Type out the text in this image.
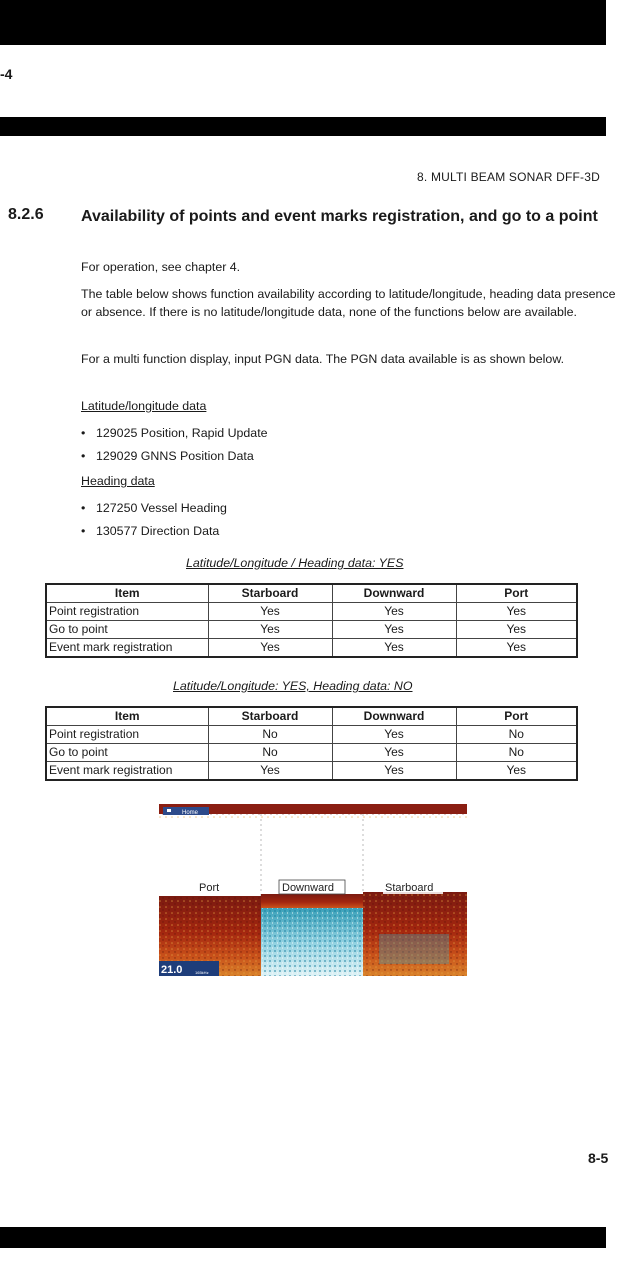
-4
8. MULTI BEAM SONAR DFF-3D
8.2.6 Availability of points and event marks registration, and go to a point
For operation, see chapter 4.
The table below shows function availability according to latitude/longitude, heading data presence or absence. If there is no latitude/longitude data, none of the functions below are available.
For a multi function display, input PGN data. The PGN data available is as shown below.
Latitude/longitude data
• 129025 Position, Rapid Update
• 129029 GNNS Position Data
Heading data
• 127250 Vessel Heading
• 130577 Direction Data
Latitude/Longitude / Heading data: YES
Item	Starboard	Downward	Port
Point registration	Yes	Yes	Yes
Go to point	Yes	Yes	Yes
Event mark registration	Yes	Yes	Yes
Latitude/Longitude: YES, Heading data: NO
Item	Starboard	Downward	Port
Point registration	No	Yes	No
Go to point	No	Yes	No
Event mark registration	Yes	Yes	Yes
Home
Port	Downward	Starboard
21.0	165kHz
8-5
